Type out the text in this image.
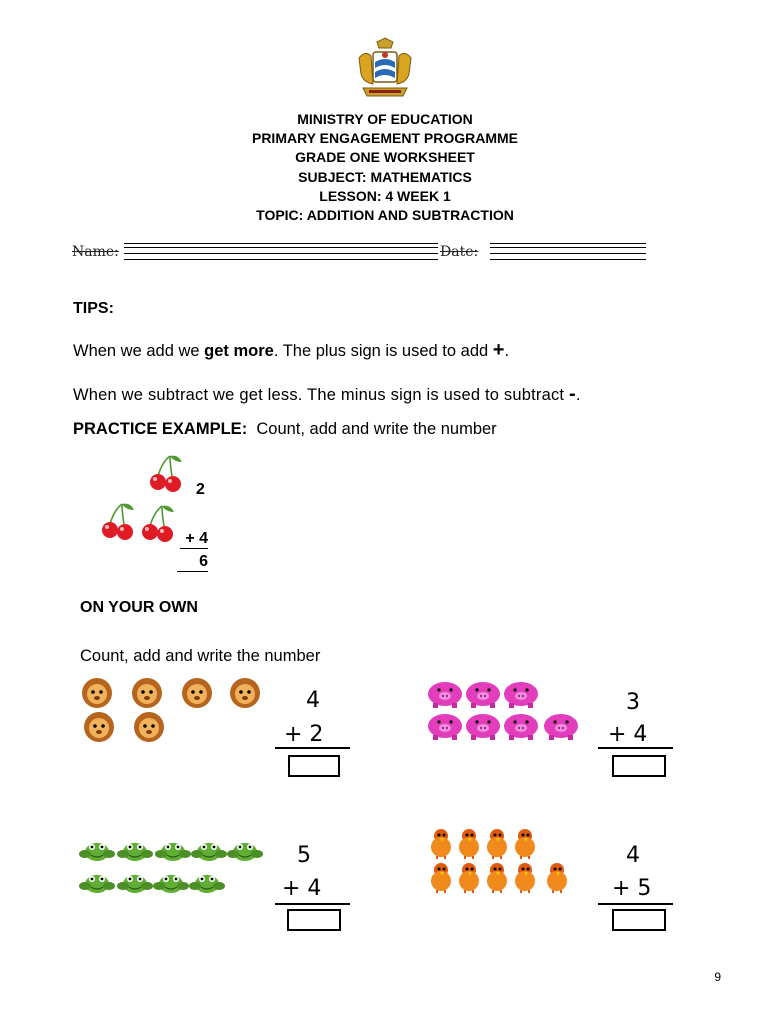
MINISTRY OF EDUCATION
PRIMARY ENGAGEMENT PROGRAMME
GRADE ONE WORKSHEET
SUBJECT: MATHEMATICS
LESSON: 4 WEEK 1
TOPIC: ADDITION AND SUBTRACTION
Name:	Date:
TIPS:
When we add we get more. The plus sign is used to add +.
When we subtract we get less. The minus sign is used to subtract -.
PRACTICE EXAMPLE:  Count, add and write the number
2
+ 4
6
ON YOUR OWN
Count, add and write the number
4
+ 2
3
+ 4
5
+ 4
4
+ 5
9
